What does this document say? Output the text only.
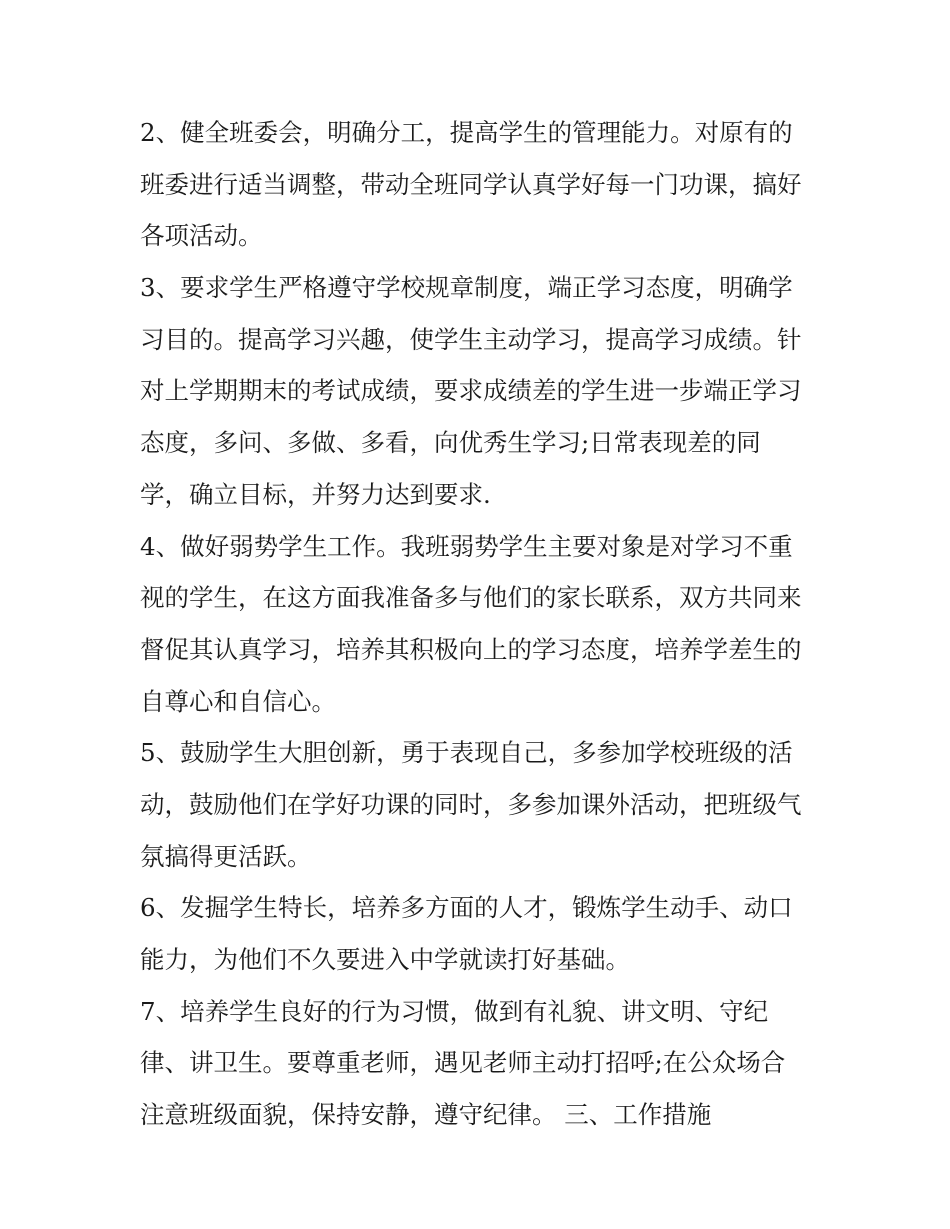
2、健全班委会，明确分工，提高学生的管理能力。对原有的
班委进行适当调整，带动全班同学认真学好每一门功课，搞好
各项活动。
3、要求学生严格遵守学校规章制度，端正学习态度，明确学
习目的。提高学习兴趣，使学生主动学习，提高学习成绩。针
对上学期期末的考试成绩，要求成绩差的学生进一步端正学习
态度，多问、多做、多看，向优秀生学习;日常表现差的同
学，确立目标，并努力达到要求.
4、做好弱势学生工作。我班弱势学生主要对象是对学习不重
视的学生，在这方面我准备多与他们的家长联系，双方共同来
督促其认真学习，培养其积极向上的学习态度，培养学差生的
自尊心和自信心。
5、鼓励学生大胆创新，勇于表现自己，多参加学校班级的活
动，鼓励他们在学好功课的同时，多参加课外活动，把班级气
氛搞得更活跃。
6、发掘学生特长，培养多方面的人才，锻炼学生动手、动口
能力，为他们不久要进入中学就读打好基础。
7、培养学生良好的行为习惯，做到有礼貌、讲文明、守纪
律、讲卫生。要尊重老师，遇见老师主动打招呼;在公众场合
注意班级面貌，保持安静，遵守纪律。 三、工作措施
